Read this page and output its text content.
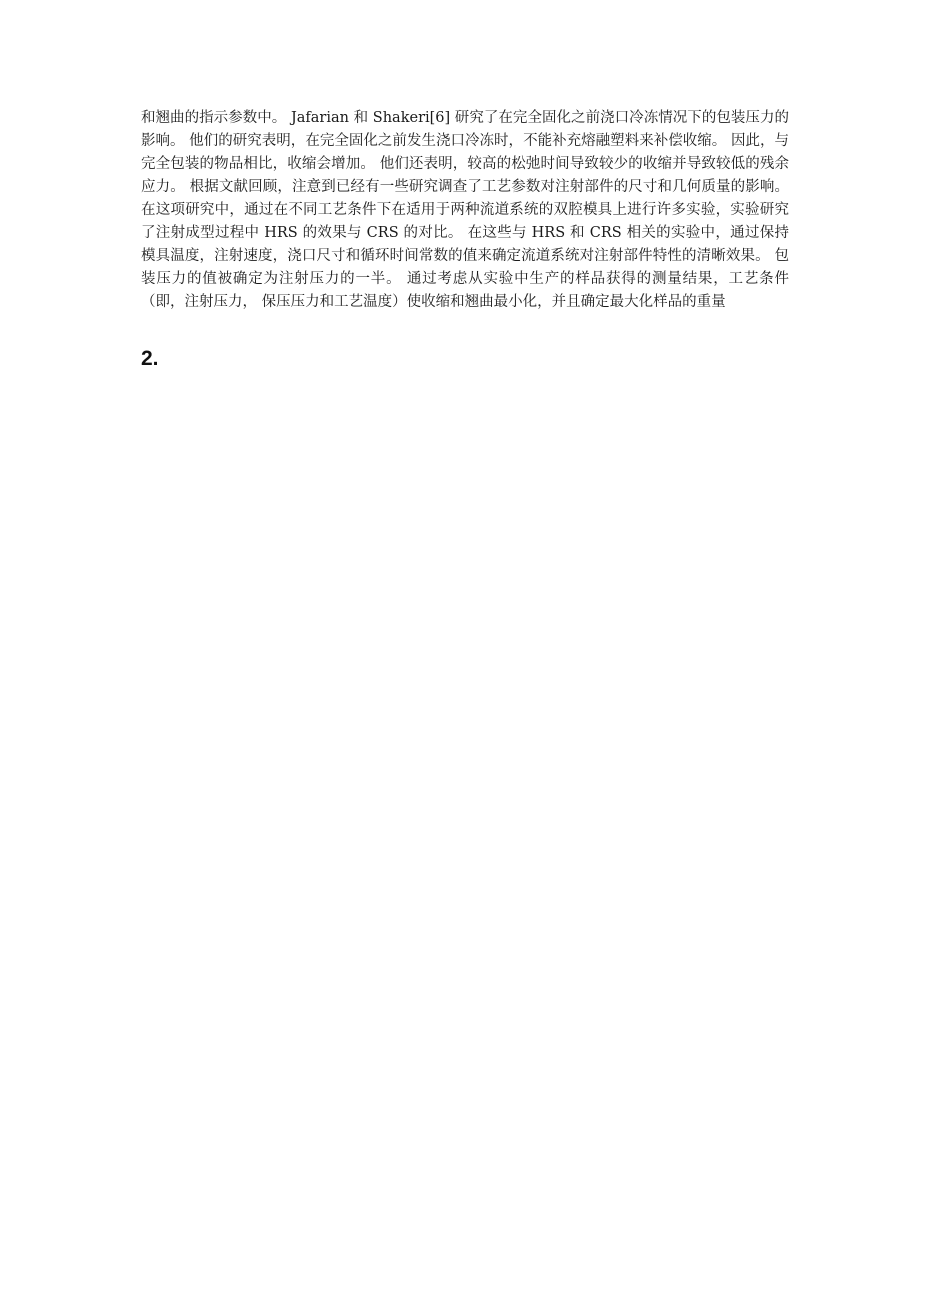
和翘曲的指示参数中。 Jafarian 和 Shakeri[6] 研究了在完全固化之前浇口冷冻情况下的包装压力的影响。 他们的研究表明，在完全固化之前发生浇口冷冻时，不能补充熔融塑料来补偿收缩。 因此，与完全包装的物品相比，收缩会增加。 他们还表明，较高的松弛时间导致较少的收缩并导致较低的残余应力。 根据文献回顾，注意到已经有一些研究调查了工艺参数对注射部件的尺寸和几何质量的影响。 在这项研究中，通过在不同工艺条件下在适用于两种流道系统的双腔模具上进行许多实验，实验研究了注射成型过程中 HRS 的效果与 CRS 的对比。 在这些与 HRS 和 CRS 相关的实验中，通过保持模具温度，注射速度，浇口尺寸和循环时间常数的值来确定流道系统对注射部件特性的清晰效果。 包装压力的值被确定为注射压力的一半。 通过考虑从实验中生产的样品获得的测量结果，工艺条件（即，注射压力， 保压压力和工艺温度）使收缩和翘曲最小化，并且确定最大化样品的重量

2.
